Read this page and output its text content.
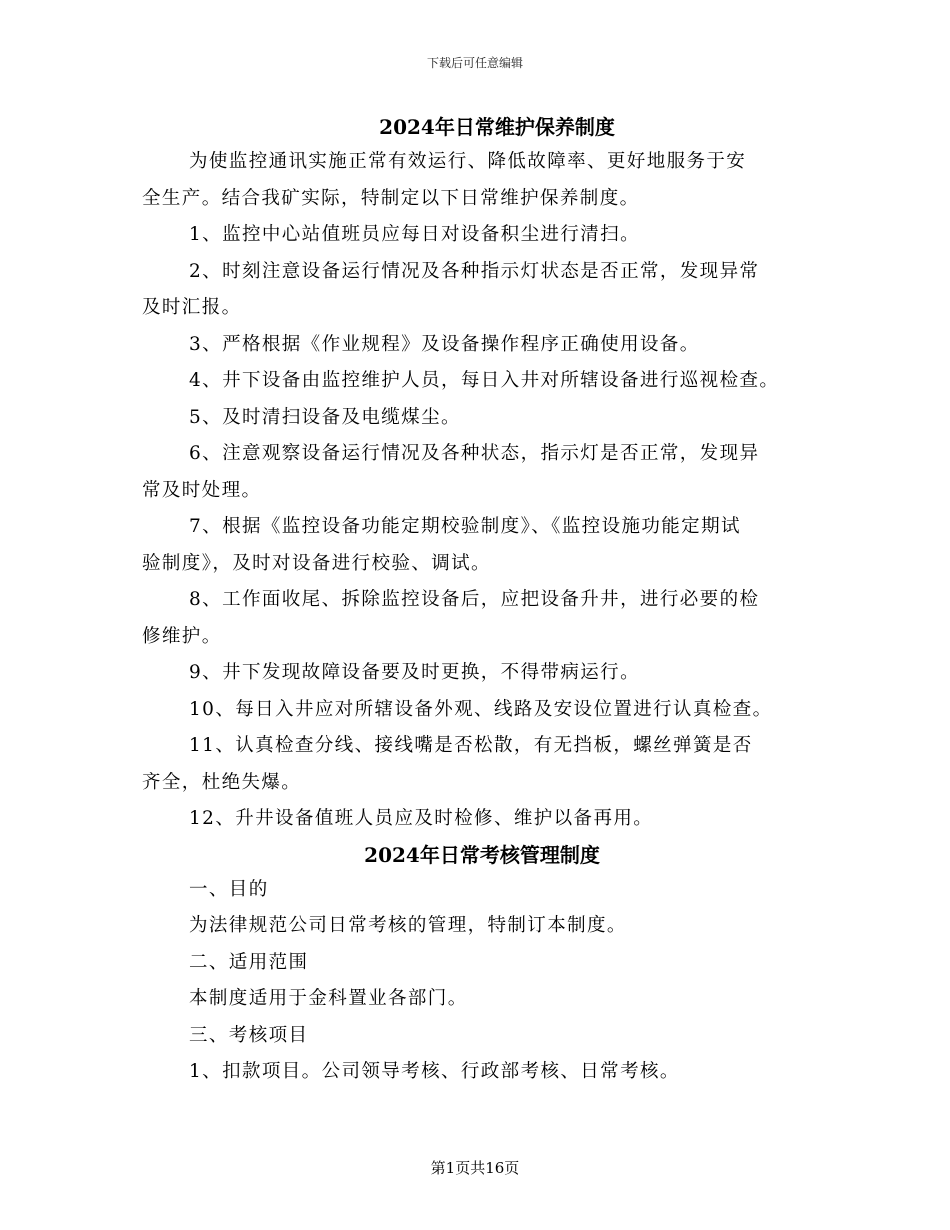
下载后可任意编辑
2024年日常维护保养制度

为使监控通讯实施正常有效运行、降低故障率、更好地服务于安

全生产。结合我矿实际，特制定以下日常维护保养制度。

1、监控中心站值班员应每日对设备积尘进行清扫。

2、时刻注意设备运行情况及各种指示灯状态是否正常，发现异常

及时汇报。

3、严格根据《作业规程》及设备操作程序正确使用设备。

4、井下设备由监控维护人员，每日入井对所辖设备进行巡视检查。

5、及时清扫设备及电缆煤尘。

6、注意观察设备运行情况及各种状态，指示灯是否正常，发现异

常及时处理。

7、根据《监控设备功能定期校验制度》、《监控设施功能定期试

验制度》，及时对设备进行校验、调试。

8、工作面收尾、拆除监控设备后，应把设备升井，进行必要的检

修维护。

9、井下发现故障设备要及时更换，不得带病运行。

10、每日入井应对所辖设备外观、线路及安设位置进行认真检查。

11、认真检查分线、接线嘴是否松散，有无挡板，螺丝弹簧是否

齐全，杜绝失爆。

12、升井设备值班人员应及时检修、维护以备再用。

2024年日常考核管理制度

一、目的

为法律规范公司日常考核的管理，特制订本制度。

二、适用范围

本制度适用于金科置业各部门。

三、考核项目

1、扣款项目。公司领导考核、行政部考核、日常考核。

第1页共16页
